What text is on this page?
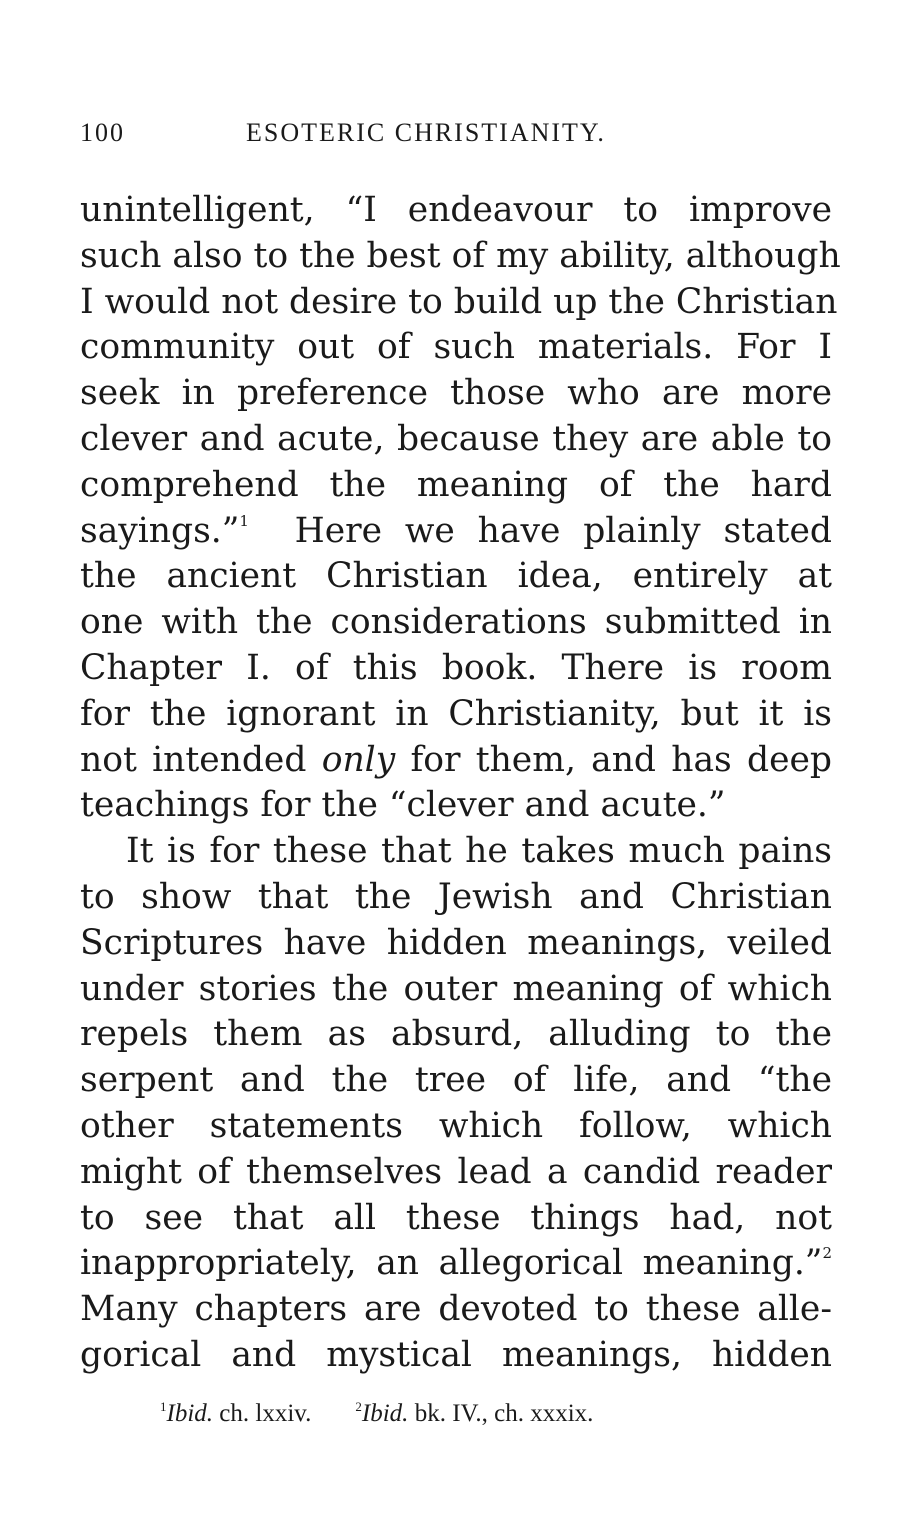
100	ESOTERIC CHRISTIANITY.
unintelligent, “I endeavour to improve
such also to the best of my ability, although
I would not desire to build up the Christian
community out of such materials. For I
seek in preference those who are more
clever and acute, because they are able to
comprehend the meaning of the hard
sayings.”$^1$ Here we have plainly stated
the ancient Christian idea, entirely at
one with the considerations submitted in
Chapter I. of this book. There is room
for the ignorant in Christianity, but it is
not intended only for them, and has deep
teachings for the “clever and acute.”
It is for these that he takes much pains
to show that the Jewish and Christian
Scriptures have hidden meanings, veiled
under stories the outer meaning of which
repels them as absurd, alluding to the
serpent and the tree of life, and “the
other statements which follow, which
might of themselves lead a candid reader
to see that all these things had, not
inappropriately, an allegorical meaning.”$^2$
Many chapters are devoted to these alle-
gorical and mystical meanings, hidden
$^1$Ibid. ch. lxxiv.	$^2$Ibid. bk. IV., ch. xxxix.
